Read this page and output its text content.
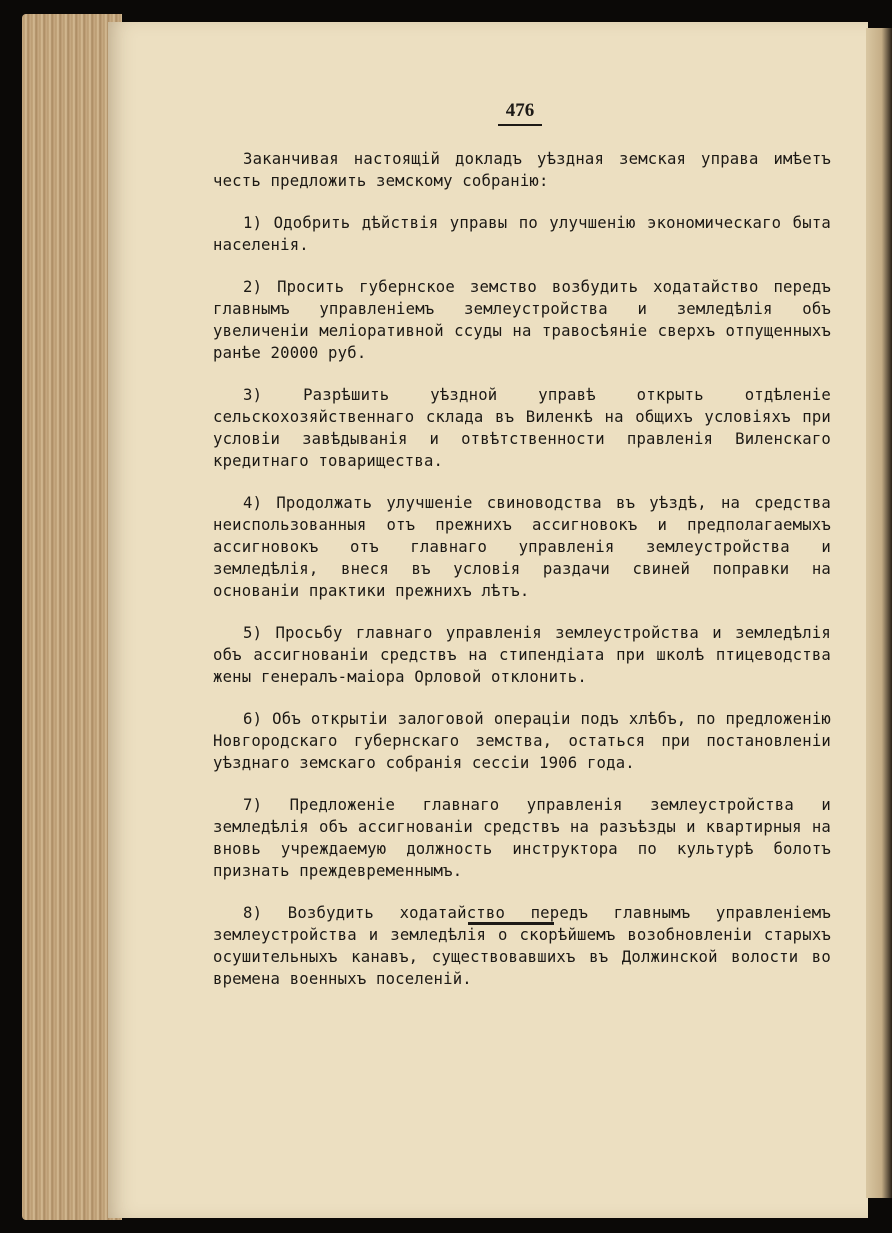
476

Заканчивая настоящій докладъ уѣздная земская управа имѣетъ честь предложить земскому собранію:

1) Одобрить дѣйствія управы по улучшенію экономическаго быта населенія.

2) Просить губернское земство возбудить ходатайство передъ главнымъ управленіемъ землеустройства и земледѣлія объ увеличеніи меліоративной ссуды на травосѣяніе сверхъ отпущенныхъ ранѣе 20000 руб.

3) Разрѣшить уѣздной управѣ открыть отдѣленіе сельскохозяйственнаго склада въ Виленкѣ на общихъ условіяхъ при условіи завѣдыванія и отвѣтственности правленія Виленскаго кредитнаго товарищества.

4) Продолжать улучшеніе свиноводства въ уѣздѣ, на средства неиспользованныя отъ прежнихъ ассигновокъ и предполагаемыхъ ассигновокъ отъ главнаго управленія землеустройства и земледѣлія, внеся въ условія раздачи свиней поправки на основаніи практики прежнихъ лѣтъ.

5) Просьбу главнаго управленія землеустройства и земледѣлія объ ассигнованіи средствъ на стипендіата при школѣ птицеводства жены генералъ-маіора Орловой отклонить.

6) Объ открытіи залоговой операціи подъ хлѣбъ, по предложенію Новгородскаго губернскаго земства, остаться при постановленіи уѣзднаго земскаго собранія сессіи 1906 года.

7) Предложеніе главнаго управленія землеустройства и земледѣлія объ ассигнованіи средствъ на разъѣзды и квартирныя на вновь учреждаемую должность инструктора по культурѣ болотъ признать преждевременнымъ.

8) Возбудить ходатайство передъ главнымъ управленіемъ землеустройства и земледѣлія о скорѣйшемъ возобновленіи старыхъ осушительныхъ канавъ, существовавшихъ въ Должинской волости во времена военныхъ поселеній.
